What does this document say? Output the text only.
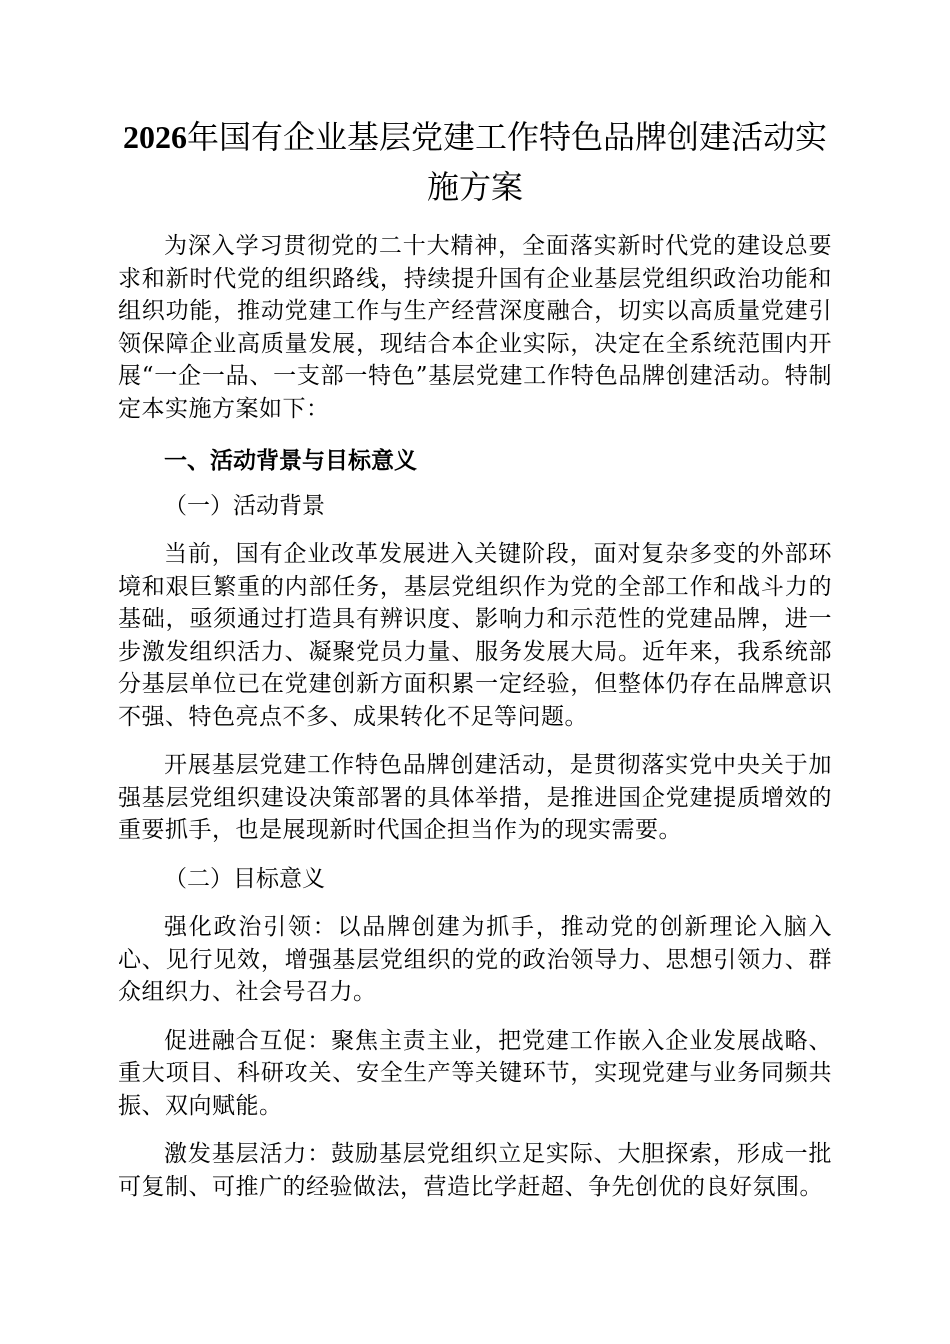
2026年国有企业基层党建工作特色品牌创建活动实施方案

为深入学习贯彻党的二十大精神，全面落实新时代党的建设总要求和新时代党的组织路线，持续提升国有企业基层党组织政治功能和组织功能，推动党建工作与生产经营深度融合，切实以高质量党建引领保障企业高质量发展，现结合本企业实际，决定在全系统范围内开展“一企一品、一支部一特色”基层党建工作特色品牌创建活动。特制定本实施方案如下：

一、活动背景与目标意义

（一）活动背景

当前，国有企业改革发展进入关键阶段，面对复杂多变的外部环境和艰巨繁重的内部任务，基层党组织作为党的全部工作和战斗力的基础，亟须通过打造具有辨识度、影响力和示范性的党建品牌，进一步激发组织活力、凝聚党员力量、服务发展大局。近年来，我系统部分基层单位已在党建创新方面积累一定经验，但整体仍存在品牌意识不强、特色亮点不多、成果转化不足等问题。

开展基层党建工作特色品牌创建活动，是贯彻落实党中央关于加强基层党组织建设决策部署的具体举措，是推进国企党建提质增效的重要抓手，也是展现新时代国企担当作为的现实需要。

（二）目标意义

强化政治引领：以品牌创建为抓手，推动党的创新理论入脑入心、见行见效，增强基层党组织的党的政治领导力、思想引领力、群众组织力、社会号召力。

促进融合互促：聚焦主责主业，把党建工作嵌入企业发展战略、重大项目、科研攻关、安全生产等关键环节，实现党建与业务同频共振、双向赋能。

激发基层活力：鼓励基层党组织立足实际、大胆探索，形成一批可复制、可推广的经验做法，营造比学赶超、争先创优的良好氛围。
